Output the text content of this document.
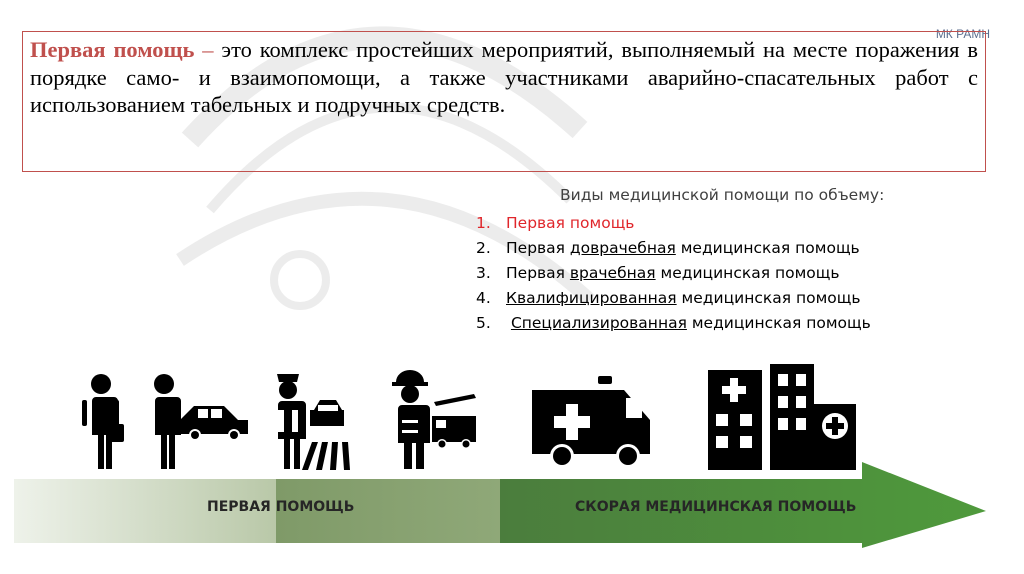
МК РАМН

Первая помощь – это комплекс простейших мероприятий, выполняемый на месте поражения в порядке само- и взаимопомощи, а также участниками аварийно-спасательных работ с использованием табельных и подручных средств.

Виды медицинской помощи по объему:

1. Первая помощь
2. Первая доврачебная медицинская помощь
3. Первая врачебная медицинская помощь
4. Квалифицированная медицинская помощь
5.	Специализированная медицинская помощь
ПЕРВАЯ ПОМОЩЬ	СКОРАЯ МЕДИЦИНСКАЯ ПОМОЩЬ
